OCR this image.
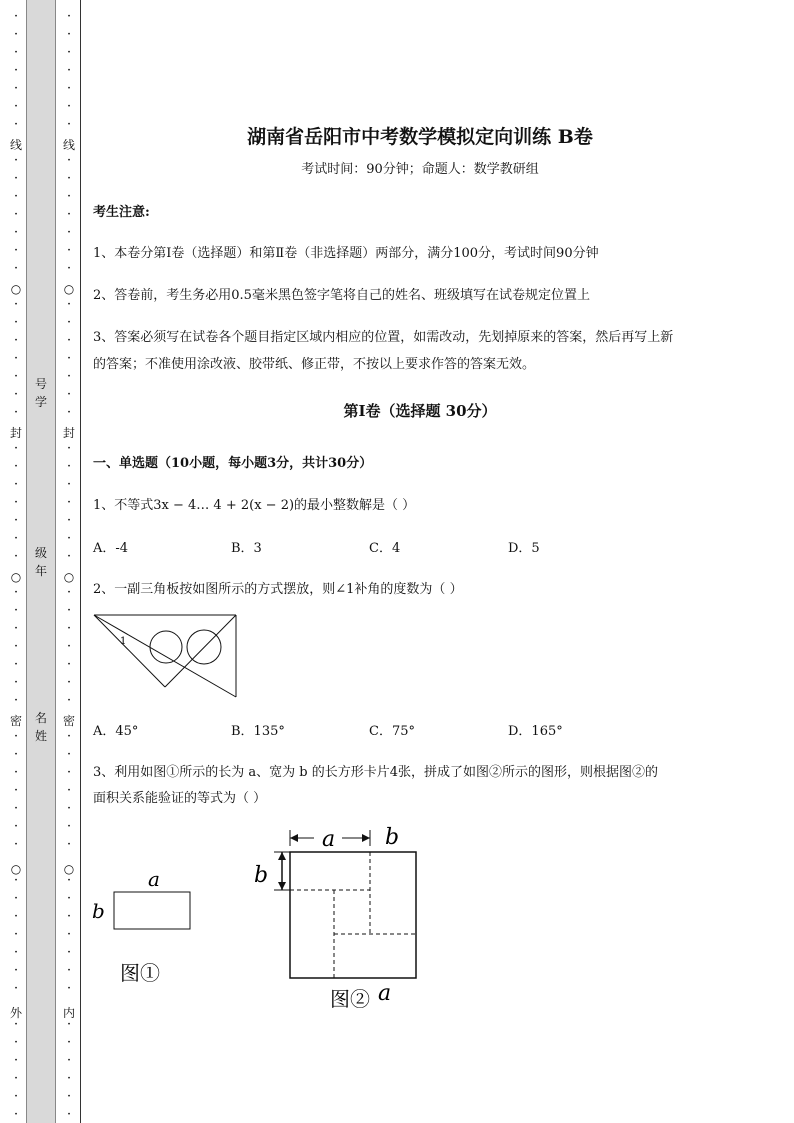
•
•
•
•
•
•
•
•
•
•
•
•
•
•
•
•
•
•
•
•
•
•
•
•
•
•
•
•
•
•
•
•
•
•
•
•
•
•
•
•
•
•
•
•
•
•
•
•
•
•
•
•
•
•
•
线
○
封
○
密
○
外
号
学
级
年
名
姓
•
•
•
•
•
•
•
•
•
•
•
•
•
•
•
•
•
•
•
•
•
•
•
•
•
•
•
•
•
•
•
•
•
•
•
•
•
•
•
•
•
•
•
•
•
•
•
•
•
•
•
•
•
•
•
线
○
封
○
密
○
内
湖南省岳阳市中考数学模拟定向训练 B卷
考试时间：90分钟；命题人：数学教研组
考生注意:
1、本卷分第I卷（选择题）和第Ⅱ卷（非选择题）两部分，满分100分，考试时间90分钟
2、答卷前，考生务必用0.5毫米黑色签字笔将自己的姓名、班级填写在试卷规定位置上
3、答案必须写在试卷各个题目指定区域内相应的位置，如需改动，先划掉原来的答案，然后再写上新
的答案；不准使用涂改液、胶带纸、修正带，不按以上要求作答的答案无效。
第I卷（选择题 30分）
一、单选题（10小题，每小题3分，共计30分）
1、不等式3x − 4… 4 + 2(x − 2)的最小整数解是（ ）
A．-4	B．3	C．4	D．5
2、一副三角板按如图所示的方式摆放，则∠1补角的度数为（ ）
1
A．45°	B．135°	C．75°	D．165°
3、利用如图①所示的长为 a、宽为 b 的长方形卡片4张，拼成了如图②所示的图形，则根据图②的
面积关系能验证的等式为（ ）
a
b
图①
a b
b
图② a
